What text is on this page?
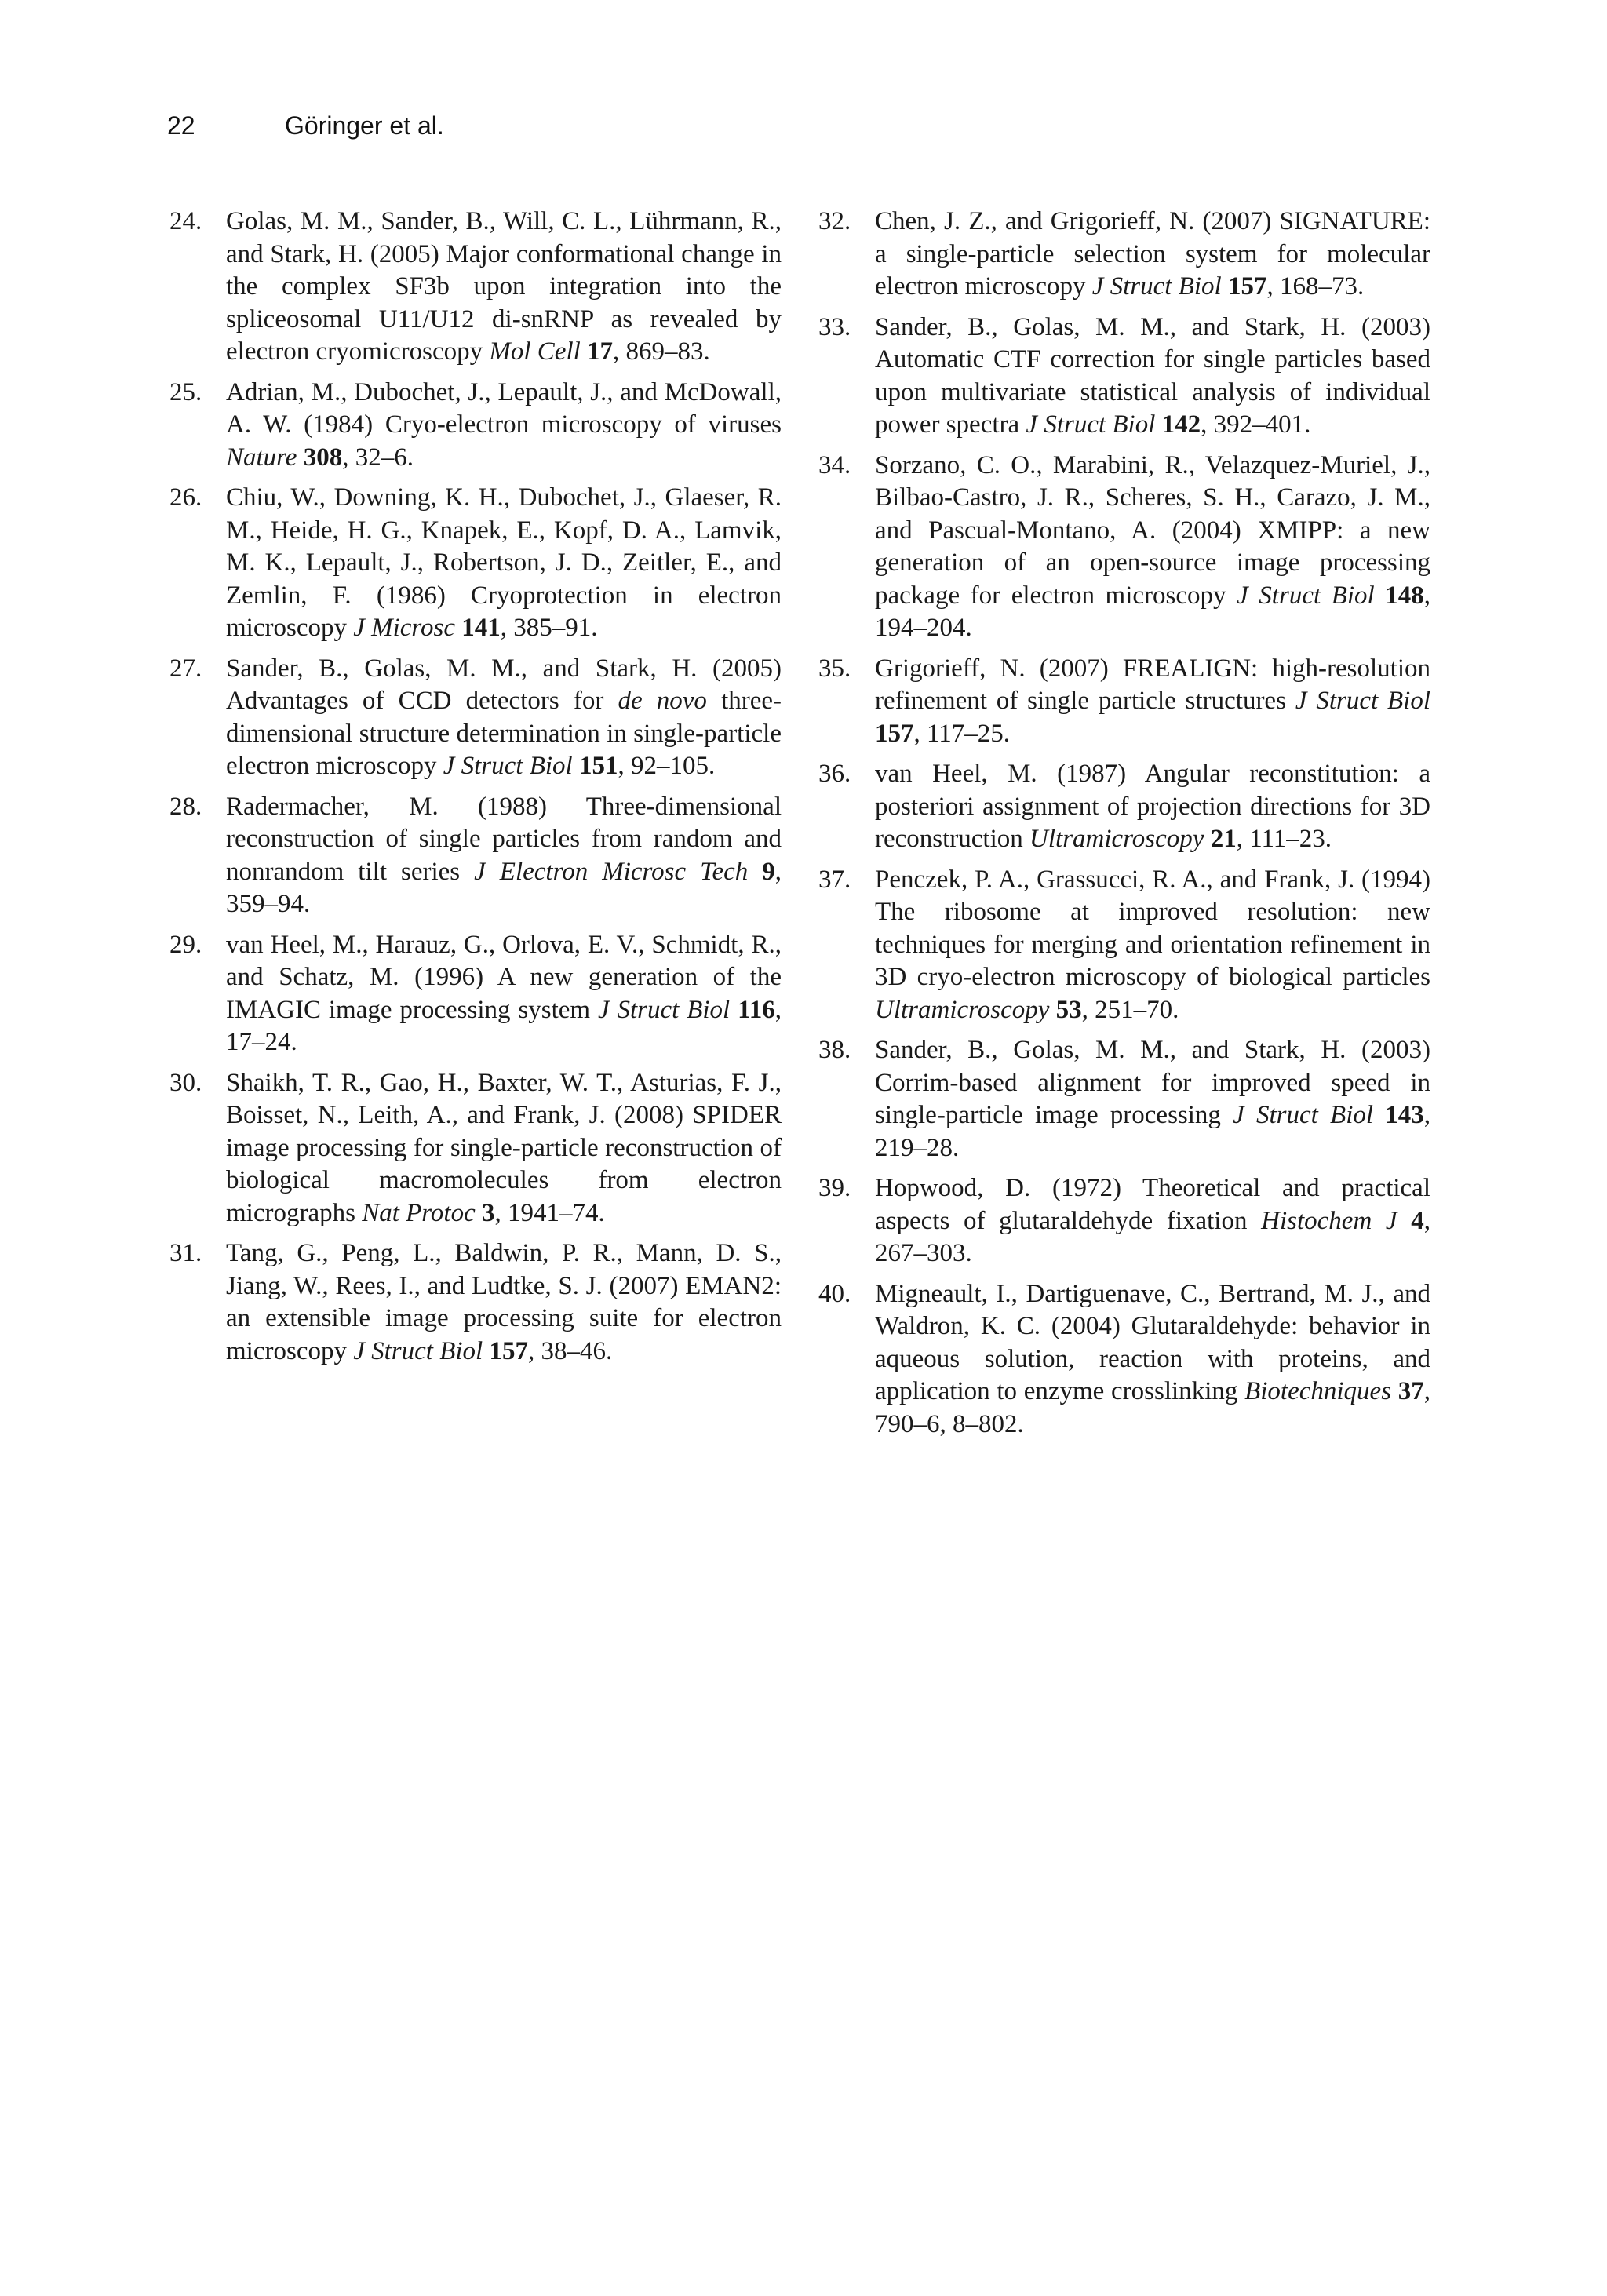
22	Göringer et al.
24. Golas, M. M., Sander, B., Will, C. L., Lührmann, R., and Stark, H. (2005) Major conformational change in the complex SF3b upon integration into the spliceosomal U11/U12 di-snRNP as revealed by electron cryomicroscopy Mol Cell 17, 869–83.
25. Adrian, M., Dubochet, J., Lepault, J., and McDowall, A. W. (1984) Cryo-electron microscopy of viruses Nature 308, 32–6.
26. Chiu, W., Downing, K. H., Dubochet, J., Glaeser, R. M., Heide, H. G., Knapek, E., Kopf, D. A., Lamvik, M. K., Lepault, J., Robertson, J. D., Zeitler, E., and Zemlin, F. (1986) Cryoprotection in electron microscopy J Microsc 141, 385–91.
27. Sander, B., Golas, M. M., and Stark, H. (2005) Advantages of CCD detectors for de novo three-dimensional structure determination in single-particle electron microscopy J Struct Biol 151, 92–105.
28. Radermacher, M. (1988) Three-dimensional reconstruction of single particles from random and nonrandom tilt series J Electron Microsc Tech 9, 359–94.
29. van Heel, M., Harauz, G., Orlova, E. V., Schmidt, R., and Schatz, M. (1996) A new generation of the IMAGIC image processing system J Struct Biol 116, 17–24.
30. Shaikh, T. R., Gao, H., Baxter, W. T., Asturias, F. J., Boisset, N., Leith, A., and Frank, J. (2008) SPIDER image processing for single-particle reconstruction of biological macromolecules from electron micrographs Nat Protoc 3, 1941–74.
31. Tang, G., Peng, L., Baldwin, P. R., Mann, D. S., Jiang, W., Rees, I., and Ludtke, S. J. (2007) EMAN2: an extensible image processing suite for electron microscopy J Struct Biol 157, 38–46.
32. Chen, J. Z., and Grigorieff, N. (2007) SIGNATURE: a single-particle selection system for molecular electron microscopy J Struct Biol 157, 168–73.
33. Sander, B., Golas, M. M., and Stark, H. (2003) Automatic CTF correction for single particles based upon multivariate statistical analysis of individual power spectra J Struct Biol 142, 392–401.
34. Sorzano, C. O., Marabini, R., Velazquez-Muriel, J., Bilbao-Castro, J. R., Scheres, S. H., Carazo, J. M., and Pascual-Montano, A. (2004) XMIPP: a new generation of an open-source image processing package for electron microscopy J Struct Biol 148, 194–204.
35. Grigorieff, N. (2007) FREALIGN: high-resolution refinement of single particle structures J Struct Biol 157, 117–25.
36. van Heel, M. (1987) Angular reconstitution: a posteriori assignment of projection directions for 3D reconstruction Ultramicroscopy 21, 111–23.
37. Penczek, P. A., Grassucci, R. A., and Frank, J. (1994) The ribosome at improved resolution: new techniques for merging and orientation refinement in 3D cryo-electron microscopy of biological particles Ultramicroscopy 53, 251–70.
38. Sander, B., Golas, M. M., and Stark, H. (2003) Corrim-based alignment for improved speed in single-particle image processing J Struct Biol 143, 219–28.
39. Hopwood, D. (1972) Theoretical and practical aspects of glutaraldehyde fixation Histochem J 4, 267–303.
40. Migneault, I., Dartiguenave, C., Bertrand, M. J., and Waldron, K. C. (2004) Glutaraldehyde: behavior in aqueous solution, reaction with proteins, and application to enzyme crosslinking Biotechniques 37, 790–6, 8–802.
